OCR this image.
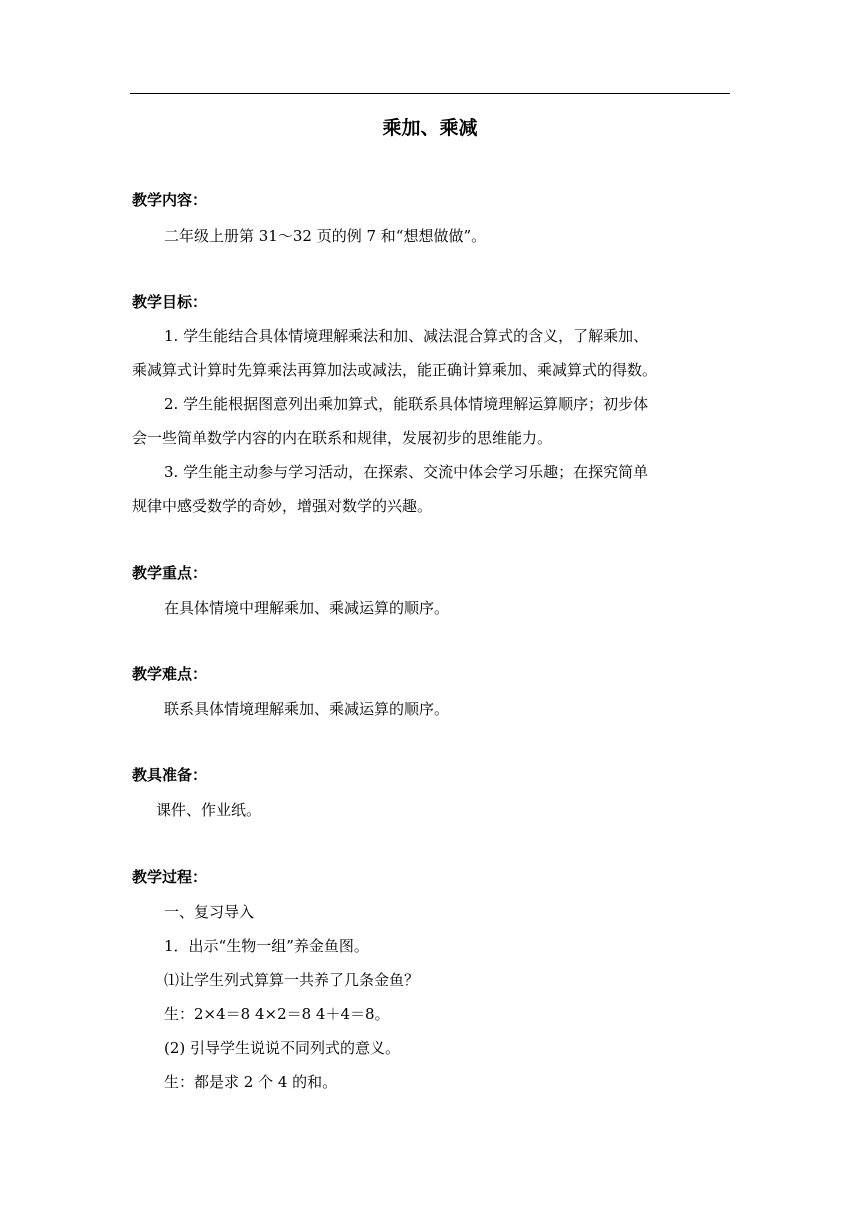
乘加、乘减
教学内容：
二年级上册第 31～32 页的例 7 和“想想做做”。
教学目标：
1. 学生能结合具体情境理解乘法和加、减法混合算式的含义，了解乘加、
乘减算式计算时先算乘法再算加法或减法，能正确计算乘加、乘减算式的得数。
2. 学生能根据图意列出乘加算式，能联系具体情境理解运算顺序；初步体
会一些简单数学内容的内在联系和规律，发展初步的思维能力。
3. 学生能主动参与学习活动，在探索、交流中体会学习乐趣；在探究简单
规律中感受数学的奇妙，增强对数学的兴趣。
教学重点：
在具体情境中理解乘加、乘减运算的顺序。
教学难点：
联系具体情境理解乘加、乘减运算的顺序。
教具准备：
课件、作业纸。
教学过程：
一、复习导入
1．出示“生物一组”养金鱼图。
⑴让学生列式算算一共养了几条金鱼？
生：2×4＝8 4×2＝8 4＋4＝8。
(2) 引导学生说说不同列式的意义。
生：都是求 2 个 4 的和。
